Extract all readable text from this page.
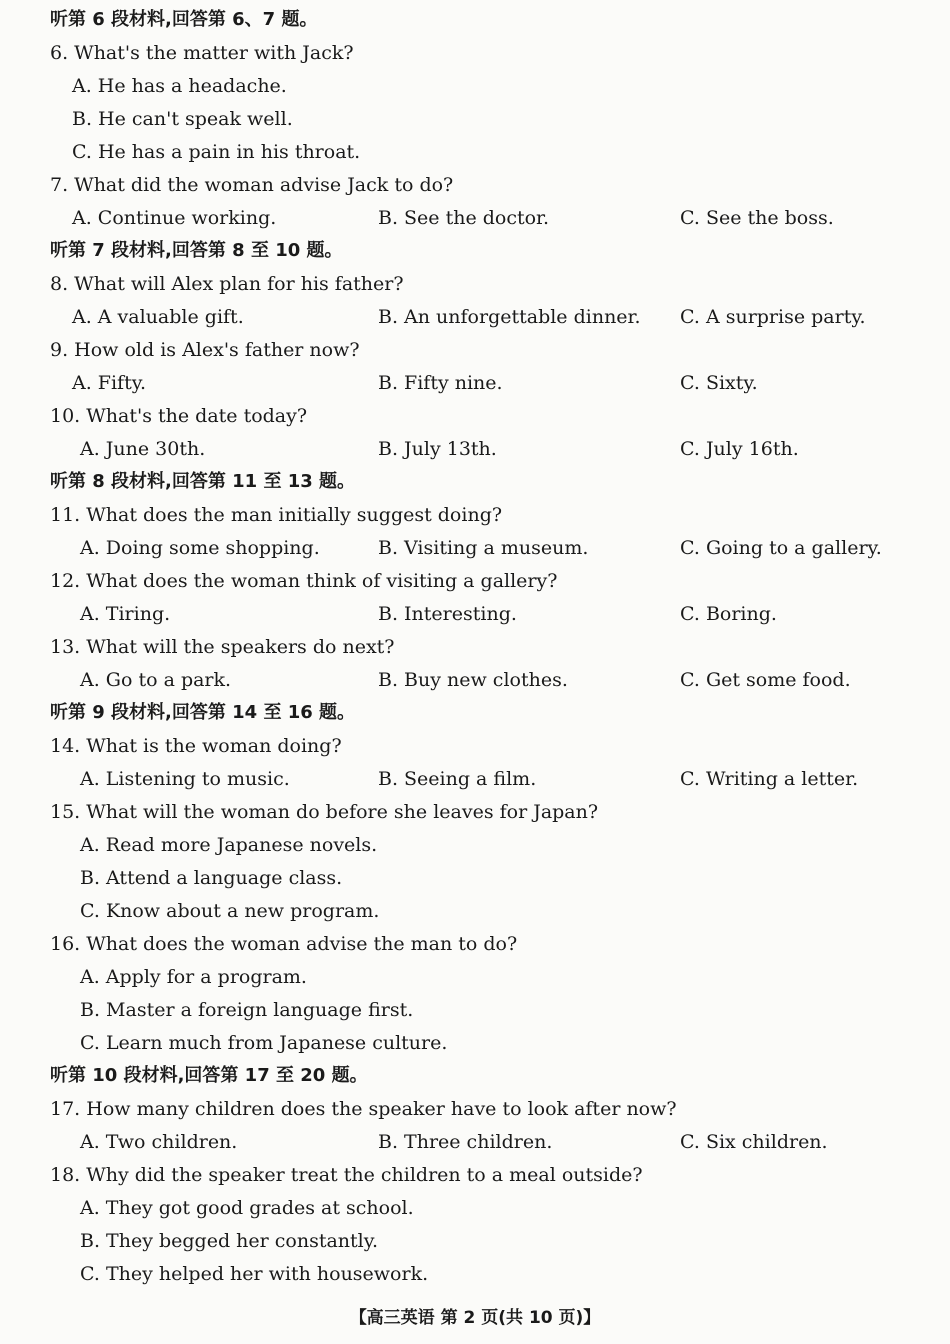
听第 6 段材料,回答第 6、7 题。
6. What's the matter with Jack?
A. He has a headache.
B. He can't speak well.
C. He has a pain in his throat.
7. What did the woman advise Jack to do?
A. Continue working.	B. See the doctor.	C. See the boss.
听第 7 段材料,回答第 8 至 10 题。
8. What will Alex plan for his father?
A. A valuable gift.	B. An unforgettable dinner. C. A surprise party.
9. How old is Alex's father now?
A. Fifty.	B. Fifty nine.	C. Sixty.
10. What's the date today?
A. June 30th.	B. July 13th.	C. July 16th.
听第 8 段材料,回答第 11 至 13 题。
11. What does the man initially suggest doing?
A. Doing some shopping.	B. Visiting a museum.	C. Going to a gallery.
12. What does the woman think of visiting a gallery?
A. Tiring.	B. Interesting.	C. Boring.
13. What will the speakers do next?
A. Go to a park.	B. Buy new clothes.	C. Get some food.
听第 9 段材料,回答第 14 至 16 题。
14. What is the woman doing?
A. Listening to music.	B. Seeing a film.	C. Writing a letter.
15. What will the woman do before she leaves for Japan?
A. Read more Japanese novels.
B. Attend a language class.
C. Know about a new program.
16. What does the woman advise the man to do?
A. Apply for a program.
B. Master a foreign language first.
C. Learn much from Japanese culture.
听第 10 段材料,回答第 17 至 20 题。
17. How many children does the speaker have to look after now?
A. Two children.	B. Three children.	C. Six children.
18. Why did the speaker treat the children to a meal outside?
A. They got good grades at school.
B. They begged her constantly.
C. They helped her with housework.
【高三英语 第 2 页(共 10 页)】
